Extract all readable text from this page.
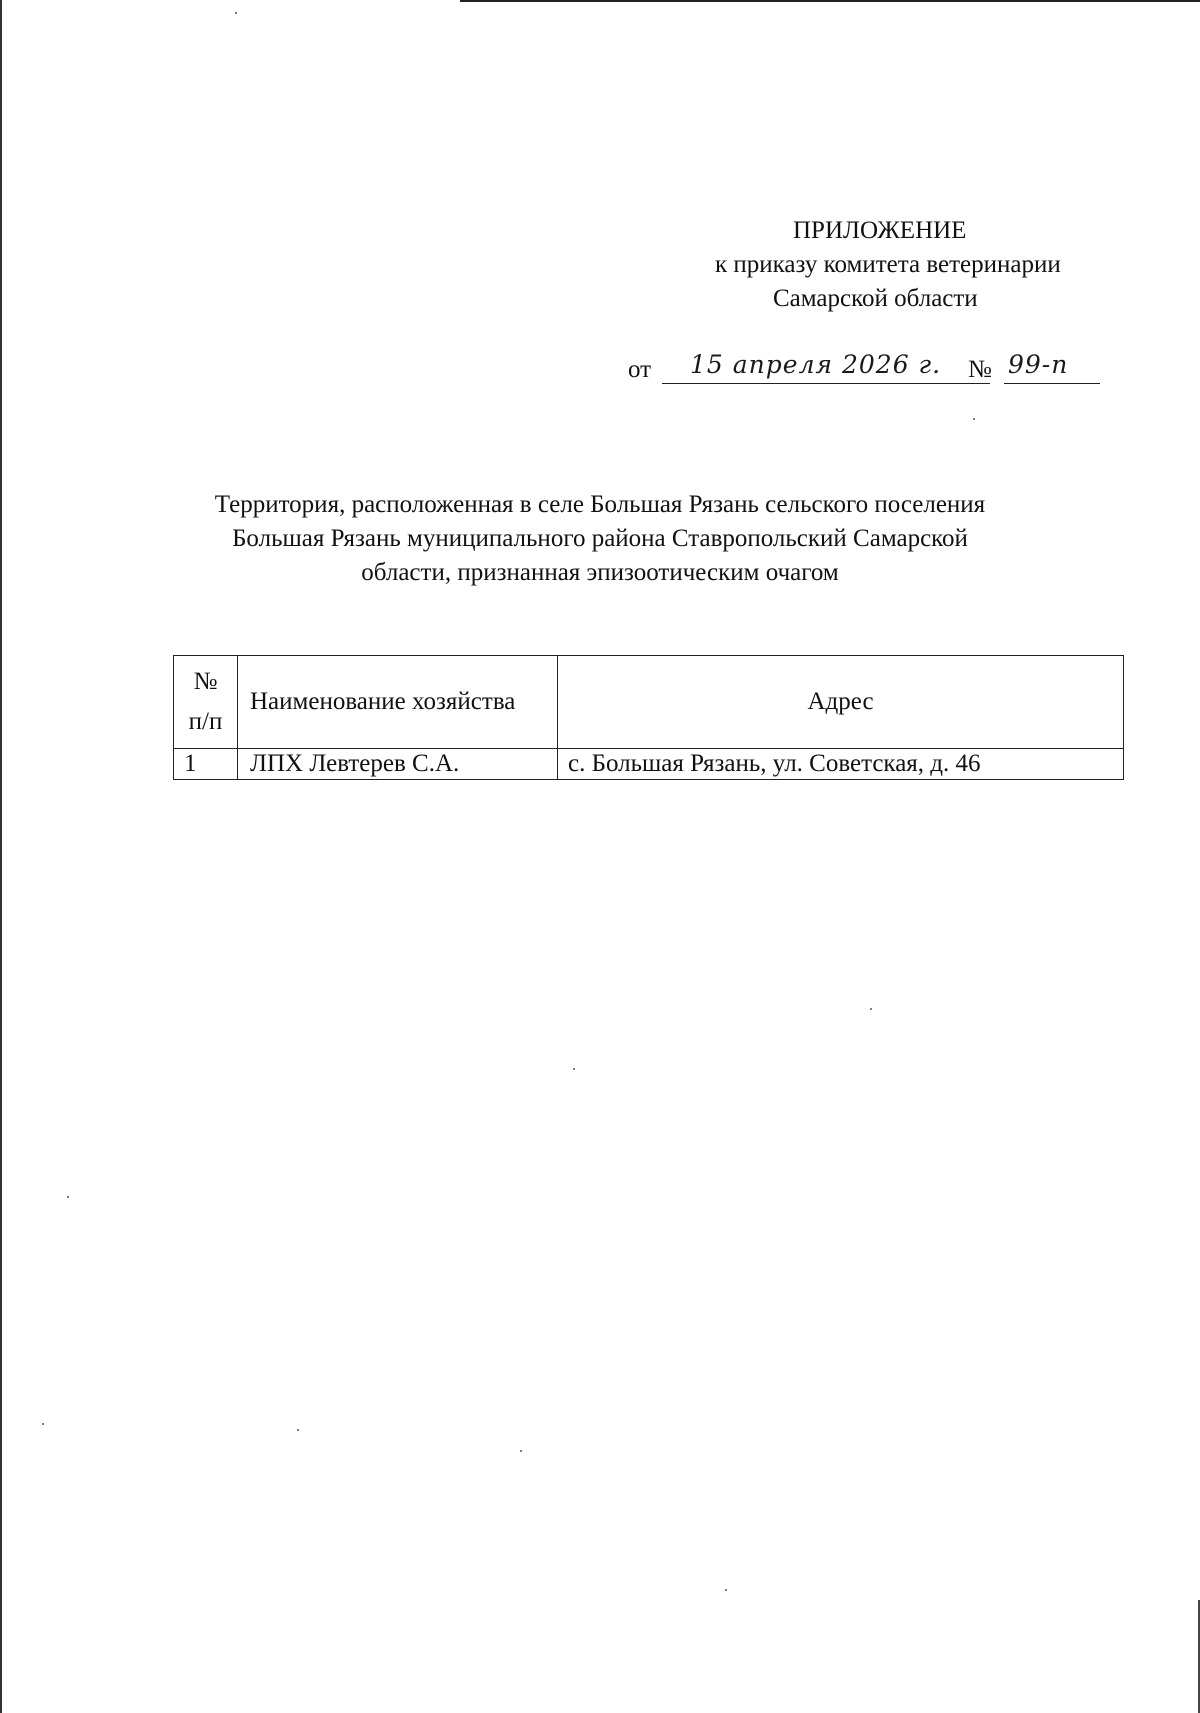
ПРИЛОЖЕНИЕ
к приказу комитета ветеринарии
Самарской области
от 15 апреля 2026 г. № 99-п
Территория, расположенная в селе Большая Рязань сельского поселения
Большая Рязань муниципального района Ставропольский Самарской
области, признанная эпизоотическим очагом
№
п/п	Наименование хозяйства	Адрес
1	ЛПХ Левтерев С.А.	с. Большая Рязань, ул. Советская, д. 46
